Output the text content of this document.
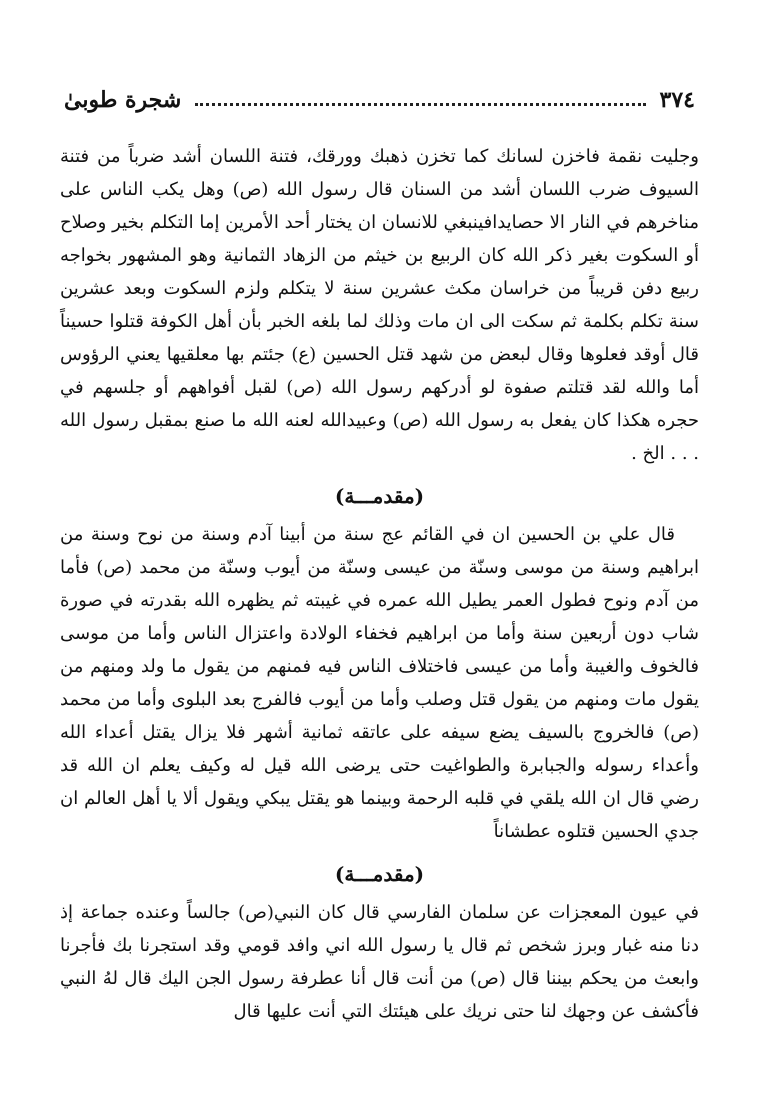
٣٧٤
شجرة طوبىٰ

وجليت نقمة فاخزن لسانك كما تخزن ذهبك وورقك، فتنة اللسان أشد ضرباً من فتنة السيوف ضرب اللسان أشد من السنان قال رسول الله (ص) وهل يكب الناس على مناخرهم في النار الا حصايدافينبغي للانسان ان يختار أحد الأمرين إما التكلم بخير وصلاح أو السكوت بغير ذكر الله كان الربيع بن خيثم من الزهاد الثمانية وهو المشهور بخواجه ربيع دفن قريباً من خراسان مكث عشرين سنة لا يتكلم ولزم السكوت وبعد عشرين سنة تكلم بكلمة ثم سكت الى ان مات وذلك لما بلغه الخبر بأن أهل الكوفة قتلوا حسيناً قال أوقد فعلوها وقال لبعض من شهد قتل الحسين (ع) جئتم بها معلقيها يعني الرؤوس أما والله لقد قتلتم صفوة لو أدركهم رسول الله (ص) لقبل أفواههم أو جلسهم في حجره هكذا كان يفعل به رسول الله (ص) وعبيدالله لعنه الله ما صنع بمقبل رسول الله . . . الخ .

(مقدمـــة)

قال علي بن الحسين ان في القائم عج سنة من أبينا آدم وسنة من نوح وسنة من ابراهيم وسنة من موسى وسنّة من عيسى وسنّة من أيوب وسنّة من محمد (ص) فأما من آدم ونوح فطول العمر يطيل الله عمره في غيبته ثم يظهره الله بقدرته في صورة شاب دون أربعين سنة وأما من ابراهيم فخفاء الولادة واعتزال الناس وأما من موسى فالخوف والغيبة وأما من عيسى فاختلاف الناس فيه فمنهم من يقول ما ولد ومنهم من يقول مات ومنهم من يقول قتل وصلب وأما من أيوب فالفرج بعد البلوى وأما من محمد (ص) فالخروج بالسيف يضع سيفه على عاتقه ثمانية أشهر فلا يزال يقتل أعداء الله وأعداء رسوله والجبابرة والطواغيت حتى يرضى الله قيل له وكيف يعلم ان الله قد رضي قال ان الله يلقي في قلبه الرحمة وبينما هو يقتل يبكي ويقول ألا يا أهل العالم ان جدي الحسين قتلوه عطشاناً

(مقدمـــة)

في عيون المعجزات عن سلمان الفارسي قال كان النبي(ص) جالساً وعنده جماعة إذ دنا منه غبار وبرز شخص ثم قال يا رسول الله اني وافد قومي وقد استجرنا بك فأجرنا وابعث من يحكم بيننا قال (ص) من أنت قال أنا عطرفة رسول الجن اليك قال لهُ النبي فأكشف عن وجهك لنا حتى نريك على هيئتك التي أنت عليها قال
